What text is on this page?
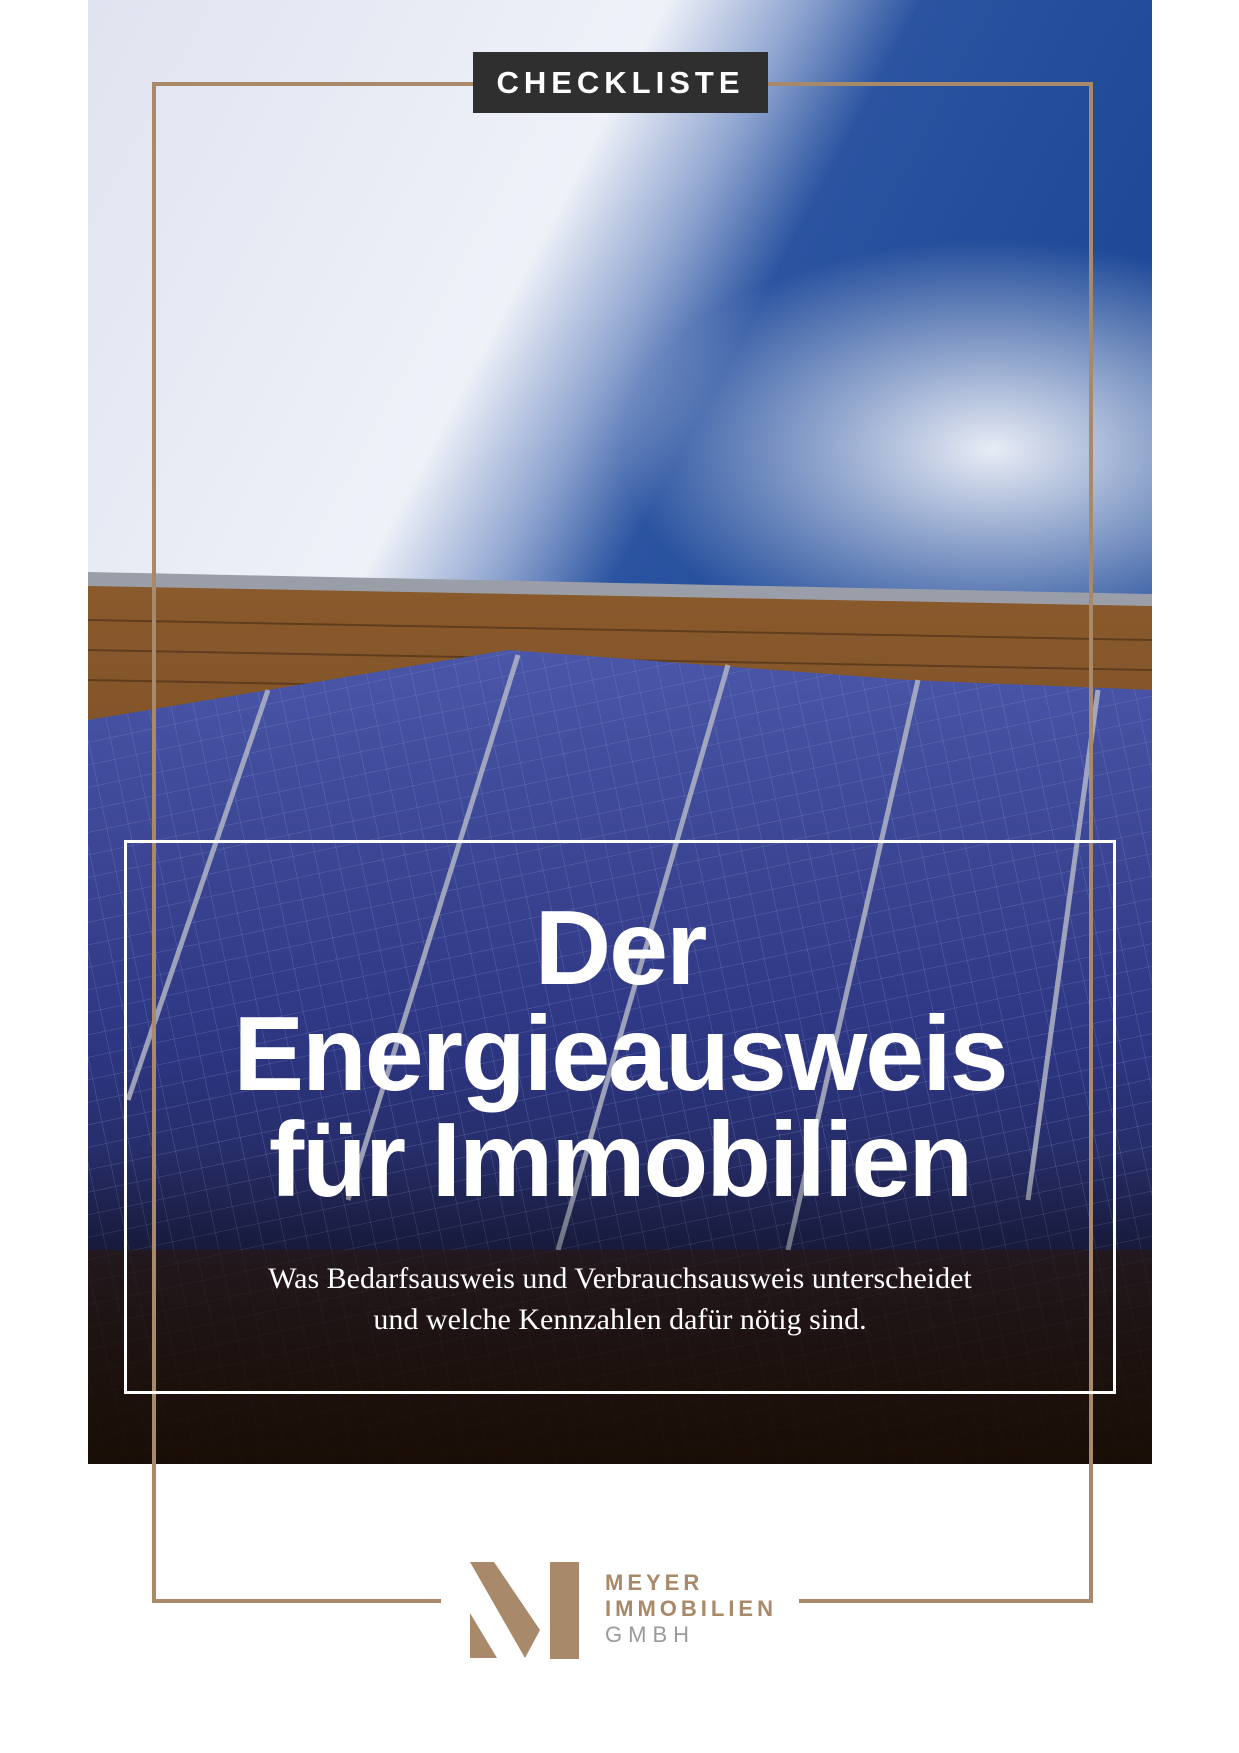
CHECKLISTE
Der
Energieausweis
für Immobilien
Was Bedarfsausweis und Verbrauchsausweis unterscheidet
und welche Kennzahlen dafür nötig sind.
MEYER
IMMOBILIEN
GMBH
